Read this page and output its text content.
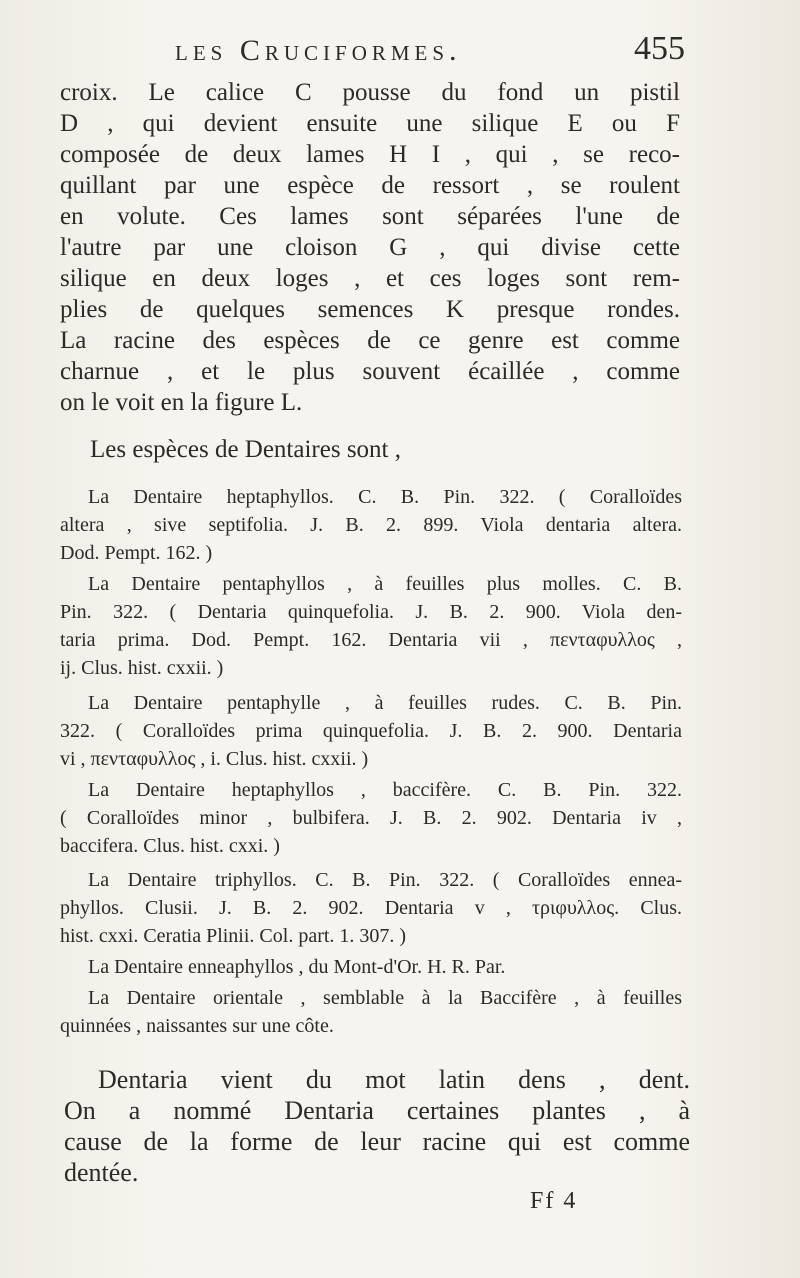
les Cruciformes.	455
croix. Le calice C pousse du fond un pistil
D , qui devient ensuite une silique E ou F
composée de deux lames H I , qui , se reco-
quillant par une espèce de ressort , se roulent
en volute. Ces lames sont séparées l'une de
l'autre par une cloison G , qui divise cette
silique en deux loges , et ces loges sont rem-
plies de quelques semences K presque rondes.
La racine des espèces de ce genre est comme
charnue , et le plus souvent écaillée , comme
on le voit en la figure L.
Les espèces de Dentaires sont ,
La Dentaire heptaphyllos. C. B. Pin. 322. ( Coralloïdes
altera , sive septifolia. J. B. 2. 899. Viola dentaria altera.
Dod. Pempt. 162. )
La Dentaire pentaphyllos , à feuilles plus molles. C. B.
Pin. 322. ( Dentaria quinquefolia. J. B. 2. 900. Viola den-
taria prima. Dod. Pempt. 162. Dentaria vii , πενταφυλλος ,
ij. Clus. hist. cxxii. )
La Dentaire pentaphylle , à feuilles rudes. C. B. Pin.
322. ( Coralloïdes prima quinquefolia. J. B. 2. 900. Dentaria
vi , πενταφυλλος , i. Clus. hist. cxxii. )
La Dentaire heptaphyllos , baccifère. C. B. Pin. 322.
( Coralloïdes minor , bulbifera. J. B. 2. 902. Dentaria iv ,
baccifera. Clus. hist. cxxi. )
La Dentaire triphyllos. C. B. Pin. 322. ( Coralloïdes ennea-
phyllos. Clusii. J. B. 2. 902. Dentaria v , τριφυλλος. Clus.
hist. cxxi. Ceratia Plinii. Col. part. 1. 307. )
La Dentaire enneaphyllos , du Mont-d'Or. H. R. Par.
La Dentaire orientale , semblable à la Baccifère , à feuilles
quinnées , naissantes sur une côte.
Dentaria vient du mot latin dens , dent.
On a nommé Dentaria certaines plantes , à
cause de la forme de leur racine qui est comme
dentée.
Ff 4
